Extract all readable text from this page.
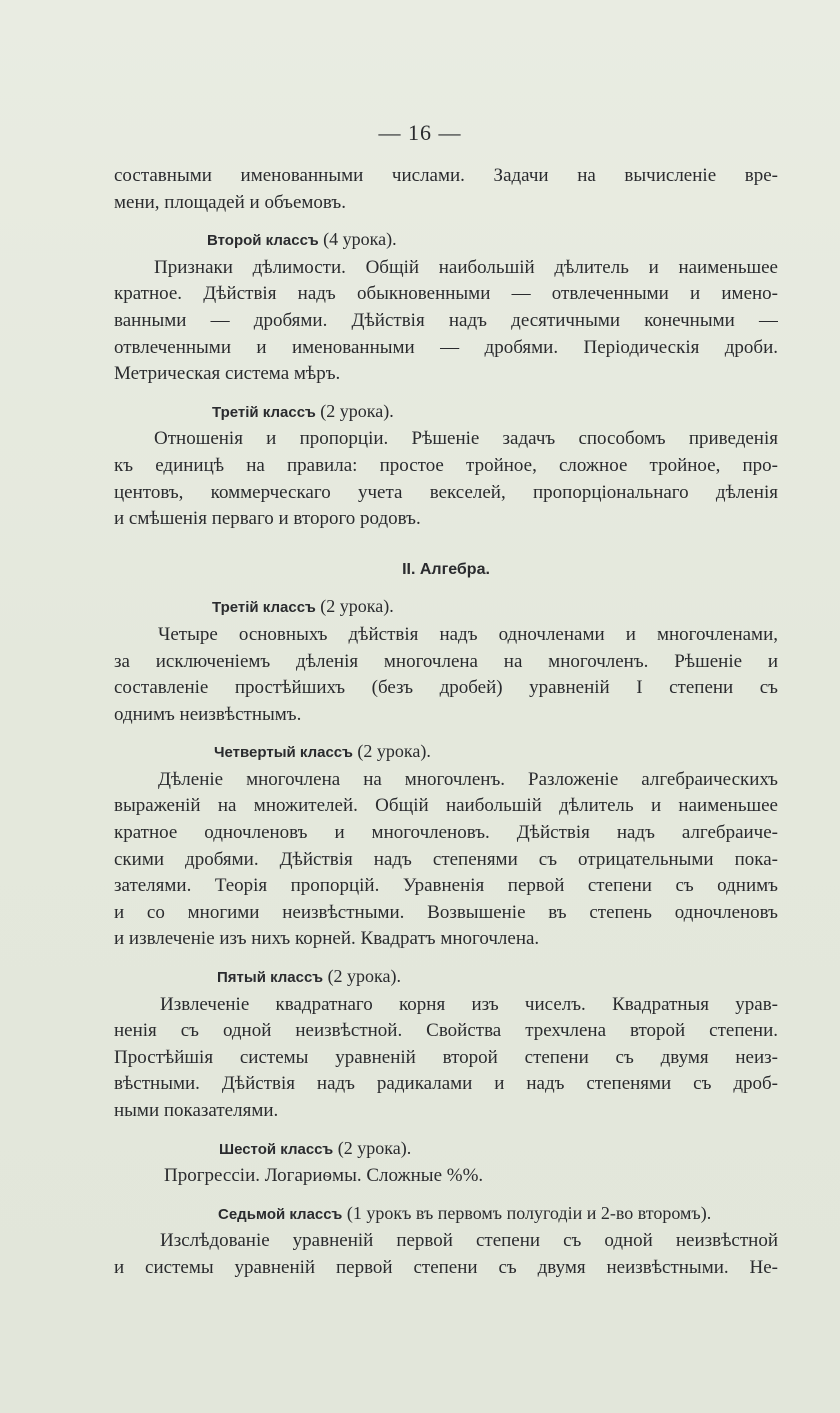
— 16 —
составными именованными числами. Задачи на вычисленіе вре-
мени, площадей и объемовъ.
Второй классъ (4 урока).
Признаки дѣлимости. Общій наибольшій дѣлитель и наименьшее
кратное. Дѣйствія надъ обыкновенными — отвлеченными и имено-
ванными — дробями. Дѣйствія надъ десятичными конечными —
отвлеченными и именованными — дробями. Періодическія дроби.
Метрическая система мѣръ.
Третій классъ (2 урока).
Отношенія и пропорціи. Рѣшеніе задачъ способомъ приведенія
къ единицѣ на правила: простое тройное, сложное тройное, про-
центовъ, коммерческаго учета векселей, пропорціональнаго дѣленія
и смѣшенія перваго и второго родовъ.
II. Алгебра.
Третій классъ (2 урока).
Четыре основныхъ дѣйствія надъ одночленами и многочленами,
за исключеніемъ дѣленія многочлена на многочленъ. Рѣшеніе и
составленіе простѣйшихъ (безъ дробей) уравненій I степени съ
однимъ неизвѣстнымъ.
Четвертый классъ (2 урока).
Дѣленіе многочлена на многочленъ. Разложеніе алгебраическихъ
выраженій на множителей. Общій наибольшій дѣлитель и наименьшее
кратное одночленовъ и многочленовъ. Дѣйствія надъ алгебраиче-
скими дробями. Дѣйствія надъ степенями съ отрицательными пока-
зателями. Теорія пропорцій. Уравненія первой степени съ однимъ
и со многими неизвѣстными. Возвышеніе въ степень одночленовъ
и извлеченіе изъ нихъ корней. Квадратъ многочлена.
Пятый классъ (2 урока).
Извлеченіе квадратнаго корня изъ чиселъ. Квадратныя урав-
ненія съ одной неизвѣстной. Свойства трехчлена второй степени.
Простѣйшія системы уравненій второй степени съ двумя неиз-
вѣстными. Дѣйствія надъ радикалами и надъ степенями съ дроб-
ными показателями.
Шестой классъ (2 урока).
Прогрессіи. Логариѳмы. Сложные %%.
Седьмой классъ (1 урокъ въ первомъ полугодіи и 2-во второмъ).
Изслѣдованіе уравненій первой степени съ одной неизвѣстной
и системы уравненій первой степени съ двумя неизвѣстными. Не-
